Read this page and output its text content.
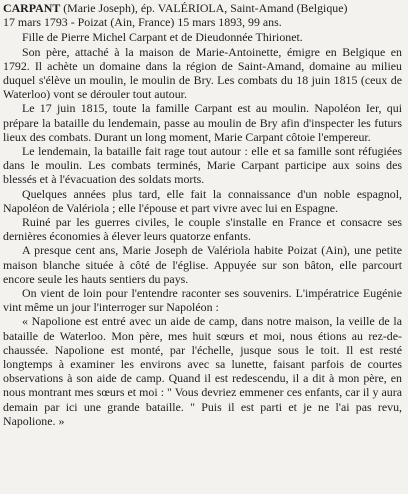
CARPANT (Marie Joseph), ép. VALÉRIOLA, Saint-Amand (Belgique)

17 mars 1793 - Poizat (Ain, France) 15 mars 1893, 99 ans.

Fille de Pierre Michel Carpant et de Dieudonnée Thirionet.

Son père, attaché à la maison de Marie-Antoinette, émigre en Belgique en 1792. Il achète un domaine dans la région de Saint-Amand, domaine au milieu duquel s'élève un moulin, le moulin de Bry. Les combats du 18 juin 1815 (ceux de Waterloo) vont se dérouler tout autour.

Le 17 juin 1815, toute la famille Carpant est au moulin. Napoléon Ier, qui prépare la bataille du lendemain, passe au moulin de Bry afin d'inspecter les futurs lieux des combats. Durant un long moment, Marie Carpant côtoie l'empereur.

Le lendemain, la bataille fait rage tout autour : elle et sa famille sont réfugiées dans le moulin. Les combats terminés, Marie Carpant participe aux soins des blessés et à l'évacuation des soldats morts.

Quelques années plus tard, elle fait la connaissance d'un noble espagnol, Napoléon de Valériola ; elle l'épouse et part vivre avec lui en Espagne.

Ruiné par les guerres civiles, le couple s'installe en France et consacre ses dernières économies à élever leurs quatorze enfants.

A presque cent ans, Marie Joseph de Valériola habite Poizat (Ain), une petite maison blanche située à côté de l'église. Appuyée sur son bâton, elle parcourt encore seule les hauts sentiers du pays.

On vient de loin pour l'entendre raconter ses souvenirs. L'impératrice Eugénie vint même un jour l'interroger sur Napoléon :

« Napolione est entré avec un aide de camp, dans notre maison, la veille de la bataille de Waterloo. Mon père, mes huit sœurs et moi, nous étions au rez-de-chaussée. Napolione est monté, par l'échelle, jusque sous le toit. Il est resté longtemps à examiner les environs avec sa lunette, faisant parfois de courtes observations à son aide de camp. Quand il est redescendu, il a dit à mon père, en nous montrant mes sœurs et moi : " Vous devriez emmener ces enfants, car il y aura demain par ici une grande bataille. " Puis il est parti et je ne l'ai pas revu, Napolione. »
